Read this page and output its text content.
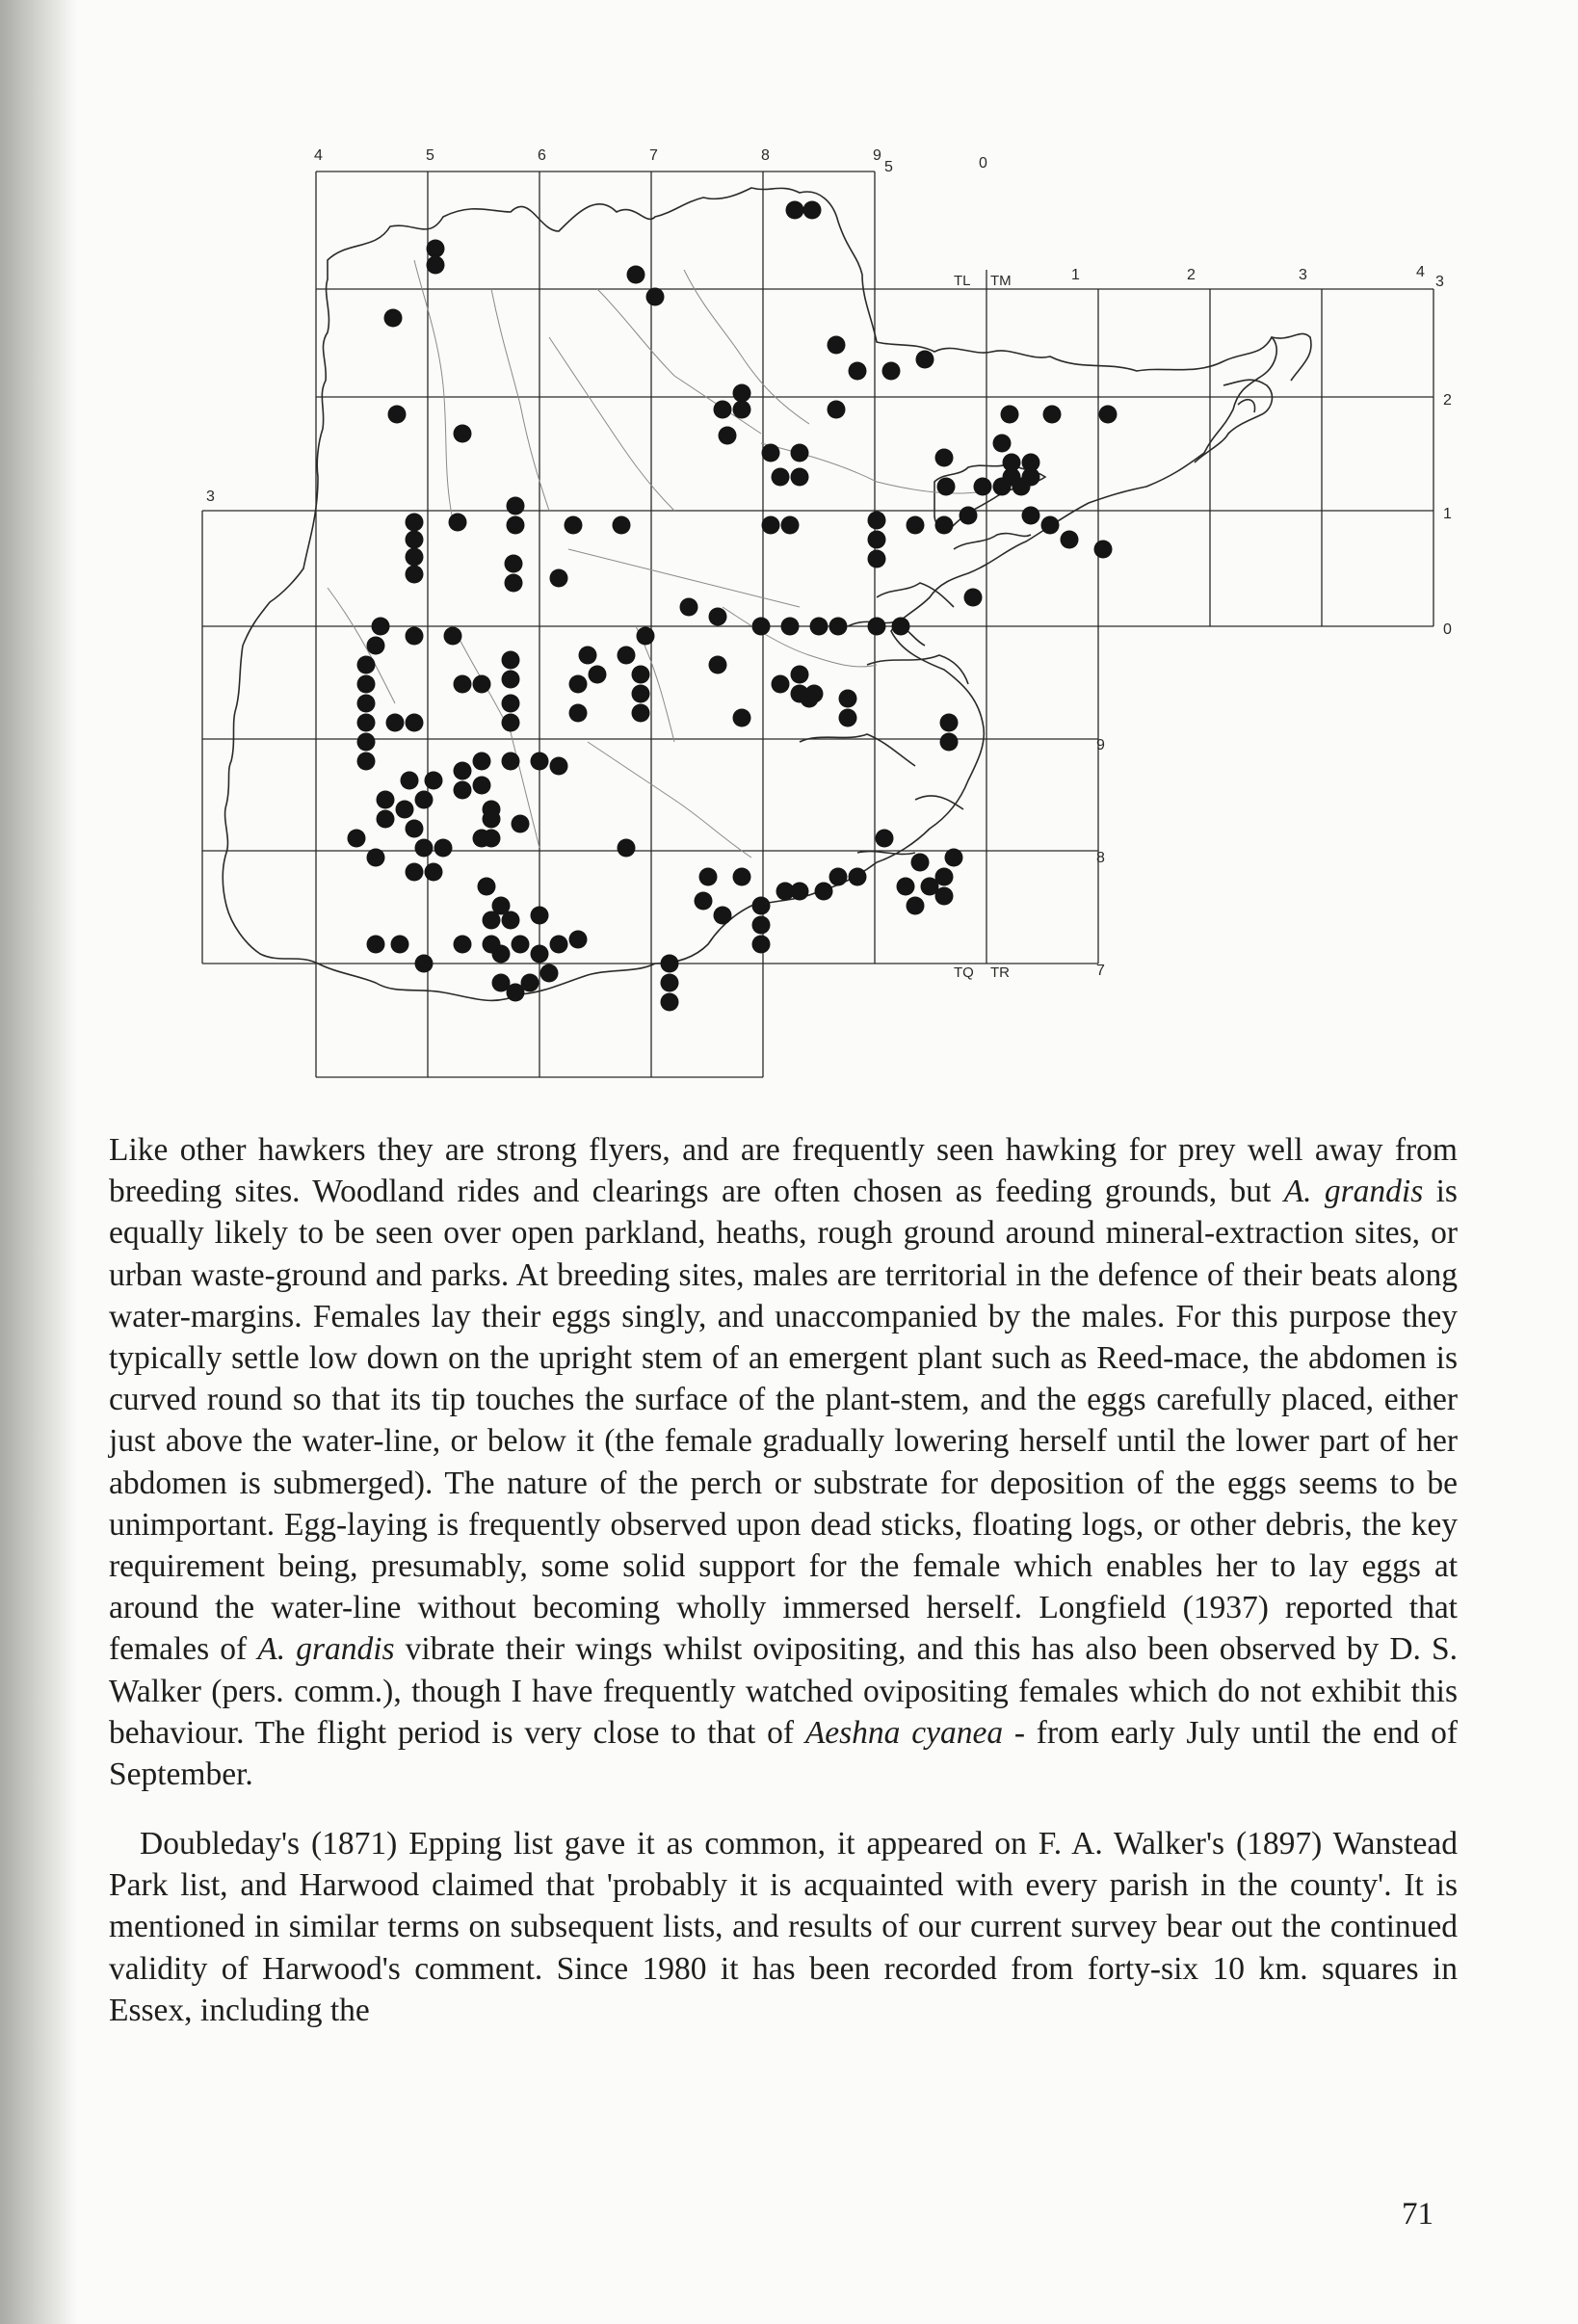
4	5	6	7	8	9
5	0
1	2	3	4
3
2
1
0
9
8
7
3
TL TM
TQ TR

Like other hawkers they are strong flyers, and are frequently seen hawking for prey well away from breeding sites. Woodland rides and clearings are often chosen as feeding grounds, but A. grandis is equally likely to be seen over open parkland, heaths, rough ground around mineral-extraction sites, or urban waste-ground and parks. At breeding sites, males are territorial in the defence of their beats along water-margins. Females lay their eggs singly, and unaccompanied by the males. For this purpose they typically settle low down on the upright stem of an emergent plant such as Reed-mace, the abdomen is curved round so that its tip touches the surface of the plant-stem, and the eggs carefully placed, either just above the water-line, or below it (the female gradually lowering herself until the lower part of her abdomen is submerged). The nature of the perch or substrate for deposition of the eggs seems to be unimportant. Egg-laying is frequently observed upon dead sticks, floating logs, or other debris, the key requirement being, presumably, some solid support for the female which enables her to lay eggs at around the water-line without becoming wholly immersed herself. Longfield (1937) reported that females of A. grandis vibrate their wings whilst ovipositing, and this has also been observed by D. S. Walker (pers. comm.), though I have frequently watched ovipositing females which do not exhibit this behaviour. The flight period is very close to that of Aeshna cyanea - from early July until the end of September.

Doubleday's (1871) Epping list gave it as common, it appeared on F. A. Walker's (1897) Wanstead Park list, and Harwood claimed that 'probably it is acquainted with every parish in the county'. It is mentioned in similar terms on subsequent lists, and results of our current survey bear out the continued validity of Harwood's comment. Since 1980 it has been recorded from forty-six 10 km. squares in Essex, including the

71
